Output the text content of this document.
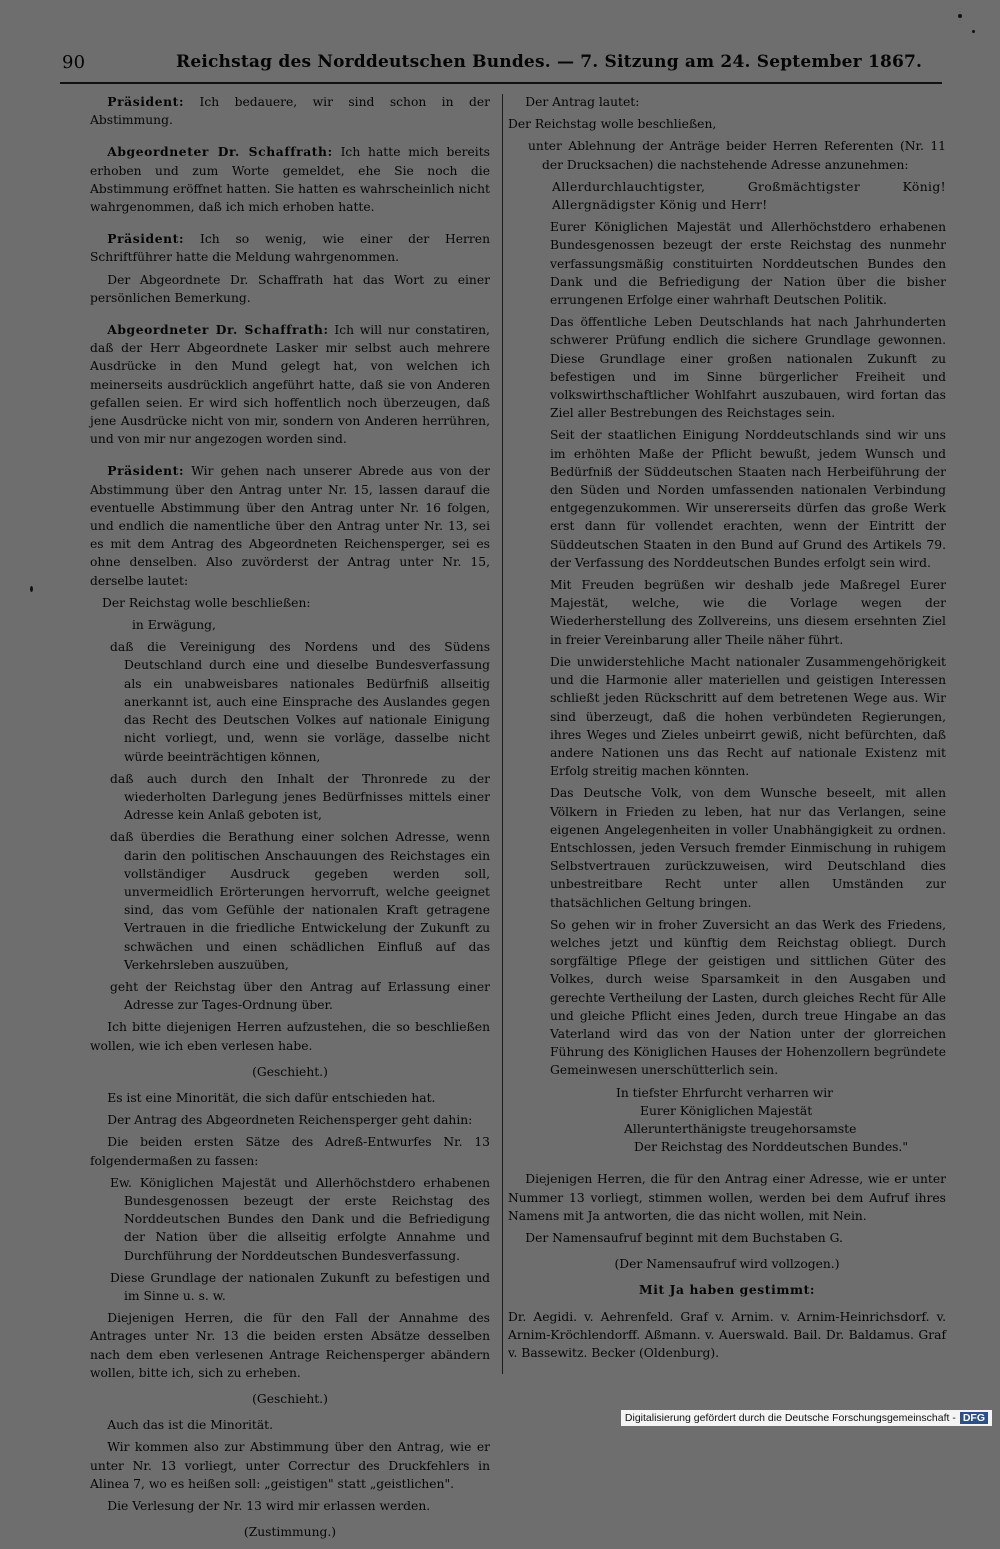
90	Reichstag des Norddeutschen Bundes. — 7. Sitzung am 24. September 1867.

Präsident: Ich bedauere, wir sind schon in der Abstimmung.

Abgeordneter Dr. Schaffrath: Ich hatte mich bereits erhoben und zum Worte gemeldet, ehe Sie noch die Abstimmung eröffnet hatten. Sie hatten es wahrscheinlich nicht wahrgenommen, daß ich mich erhoben hatte.

Präsident: Ich so wenig, wie einer der Herren Schriftführer hatte die Meldung wahrgenommen.

Der Abgeordnete Dr. Schaffrath hat das Wort zu einer persönlichen Bemerkung.

Abgeordneter Dr. Schaffrath: Ich will nur constatiren, daß der Herr Abgeordnete Lasker mir selbst auch mehrere Ausdrücke in den Mund gelegt hat, von welchen ich meinerseits ausdrücklich angeführt hatte, daß sie von Anderen gefallen seien. Er wird sich hoffentlich noch überzeugen, daß jene Ausdrücke nicht von mir, sondern von Anderen herrühren, und von mir nur angezogen worden sind.

Präsident: Wir gehen nach unserer Abrede aus von der Abstimmung über den Antrag unter Nr. 15, lassen darauf die eventuelle Abstimmung über den Antrag unter Nr. 16 folgen, und endlich die namentliche über den Antrag unter Nr. 13, sei es mit dem Antrag des Abgeordneten Reichensperger, sei es ohne denselben. Also zuvörderst der Antrag unter Nr. 15, derselbe lautet:

Der Reichstag wolle beschließen:

in Erwägung,

daß die Vereinigung des Nordens und des Südens Deutschland durch eine und dieselbe Bundesverfassung als ein unabweisbares nationales Bedürfniß allseitig anerkannt ist, auch eine Einsprache des Auslandes gegen das Recht des Deutschen Volkes auf nationale Einigung nicht vorliegt, und, wenn sie vorläge, dasselbe nicht würde beeinträchtigen können,

daß auch durch den Inhalt der Thronrede zu der wiederholten Darlegung jenes Bedürfnisses mittels einer Adresse kein Anlaß geboten ist,

daß überdies die Berathung einer solchen Adresse, wenn darin den politischen Anschauungen des Reichstages ein vollständiger Ausdruck gegeben werden soll, unvermeidlich Erörterungen hervorruft, welche geeignet sind, das vom Gefühle der nationalen Kraft getragene Vertrauen in die friedliche Entwickelung der Zukunft zu schwächen und einen schädlichen Einfluß auf das Verkehrsleben auszuüben,

geht der Reichstag über den Antrag auf Erlassung einer Adresse zur Tages-Ordnung über.

Ich bitte diejenigen Herren aufzustehen, die so beschließen wollen, wie ich eben verlesen habe.

(Geschieht.)

Es ist eine Minorität, die sich dafür entschieden hat.

Der Antrag des Abgeordneten Reichensperger geht dahin:

Die beiden ersten Sätze des Adreß-Entwurfes Nr. 13 folgendermaßen zu fassen:

Ew. Königlichen Majestät und Allerhöchstdero erhabenen Bundesgenossen bezeugt der erste Reichstag des Norddeutschen Bundes den Dank und die Befriedigung der Nation über die allseitig erfolgte Annahme und Durchführung der Norddeutschen Bundesverfassung.

Diese Grundlage der nationalen Zukunft zu befestigen und im Sinne u. s. w.

Diejenigen Herren, die für den Fall der Annahme des Antrages unter Nr. 13 die beiden ersten Absätze desselben nach dem eben verlesenen Antrage Reichensperger abändern wollen, bitte ich, sich zu erheben.

(Geschieht.)

Auch das ist die Minorität.

Wir kommen also zur Abstimmung über den Antrag, wie er unter Nr. 13 vorliegt, unter Correctur des Druckfehlers in Alinea 7, wo es heißen soll: „geistigen" statt „geistlichen".

Die Verlesung der Nr. 13 wird mir erlassen werden.

(Zustimmung.)

Der Antrag lautet:

Der Reichstag wolle beschließen,

unter Ablehnung der Anträge beider Herren Referenten (Nr. 11 der Drucksachen) die nachstehende Adresse anzunehmen:

Allerdurchlauchtigster, Großmächtigster König! Allergnädigster König und Herr!

Eurer Königlichen Majestät und Allerhöchstdero erhabenen Bundesgenossen bezeugt der erste Reichstag des nunmehr verfassungsmäßig constituirten Norddeutschen Bundes den Dank und die Befriedigung der Nation über die bisher errungenen Erfolge einer wahrhaft Deutschen Politik.

Das öffentliche Leben Deutschlands hat nach Jahrhunderten schwerer Prüfung endlich die sichere Grundlage gewonnen. Diese Grundlage einer großen nationalen Zukunft zu befestigen und im Sinne bürgerlicher Freiheit und volkswirthschaftlicher Wohlfahrt auszubauen, wird fortan das Ziel aller Bestrebungen des Reichstages sein.

Seit der staatlichen Einigung Norddeutschlands sind wir uns im erhöhten Maße der Pflicht bewußt, jedem Wunsch und Bedürfniß der Süddeutschen Staaten nach Herbeiführung der den Süden und Norden umfassenden nationalen Verbindung entgegenzukommen. Wir unsererseits dürfen das große Werk erst dann für vollendet erachten, wenn der Eintritt der Süddeutschen Staaten in den Bund auf Grund des Artikels 79. der Verfassung des Norddeutschen Bundes erfolgt sein wird.

Mit Freuden begrüßen wir deshalb jede Maßregel Eurer Majestät, welche, wie die Vorlage wegen der Wiederherstellung des Zollvereins, uns diesem ersehnten Ziel in freier Vereinbarung aller Theile näher führt.

Die unwiderstehliche Macht nationaler Zusammengehörigkeit und die Harmonie aller materiellen und geistigen Interessen schließt jeden Rückschritt auf dem betretenen Wege aus. Wir sind überzeugt, daß die hohen verbündeten Regierungen, ihres Weges und Zieles unbeirrt gewiß, nicht befürchten, daß andere Nationen uns das Recht auf nationale Existenz mit Erfolg streitig machen könnten.

Das Deutsche Volk, von dem Wunsche beseelt, mit allen Völkern in Frieden zu leben, hat nur das Verlangen, seine eigenen Angelegenheiten in voller Unabhängigkeit zu ordnen. Entschlossen, jeden Versuch fremder Einmischung in ruhigem Selbstvertrauen zurückzuweisen, wird Deutschland dies unbestreitbare Recht unter allen Umständen zur thatsächlichen Geltung bringen.

So gehen wir in froher Zuversicht an das Werk des Friedens, welches jetzt und künftig dem Reichstag obliegt. Durch sorgfältige Pflege der geistigen und sittlichen Güter des Volkes, durch weise Sparsamkeit in den Ausgaben und gerechte Vertheilung der Lasten, durch gleiches Recht für Alle und gleiche Pflicht eines Jeden, durch treue Hingabe an das Vaterland wird das von der Nation unter der glorreichen Führung des Königlichen Hauses der Hohenzollern begründete Gemeinwesen unerschütterlich sein.

In tiefster Ehrfurcht verharren wir
Eurer Königlichen Majestät
Allerunterthänigste treugehorsamste
Der Reichstag des Norddeutschen Bundes."

Diejenigen Herren, die für den Antrag einer Adresse, wie er unter Nummer 13 vorliegt, stimmen wollen, werden bei dem Aufruf ihres Namens mit Ja antworten, die das nicht wollen, mit Nein.

Der Namensaufruf beginnt mit dem Buchstaben G.

(Der Namensaufruf wird vollzogen.)

Mit Ja haben gestimmt:

Dr. Aegidi. v. Aehrenfeld. Graf v. Arnim. v. Arnim-Heinrichsdorf. v. Arnim-Kröchlendorff. Aßmann. v. Auerswald. Bail. Dr. Baldamus. Graf v. Bassewitz. Becker (Oldenburg).

Digitalisierung gefördert durch die Deutsche Forschungsgemeinschaft - DFG
